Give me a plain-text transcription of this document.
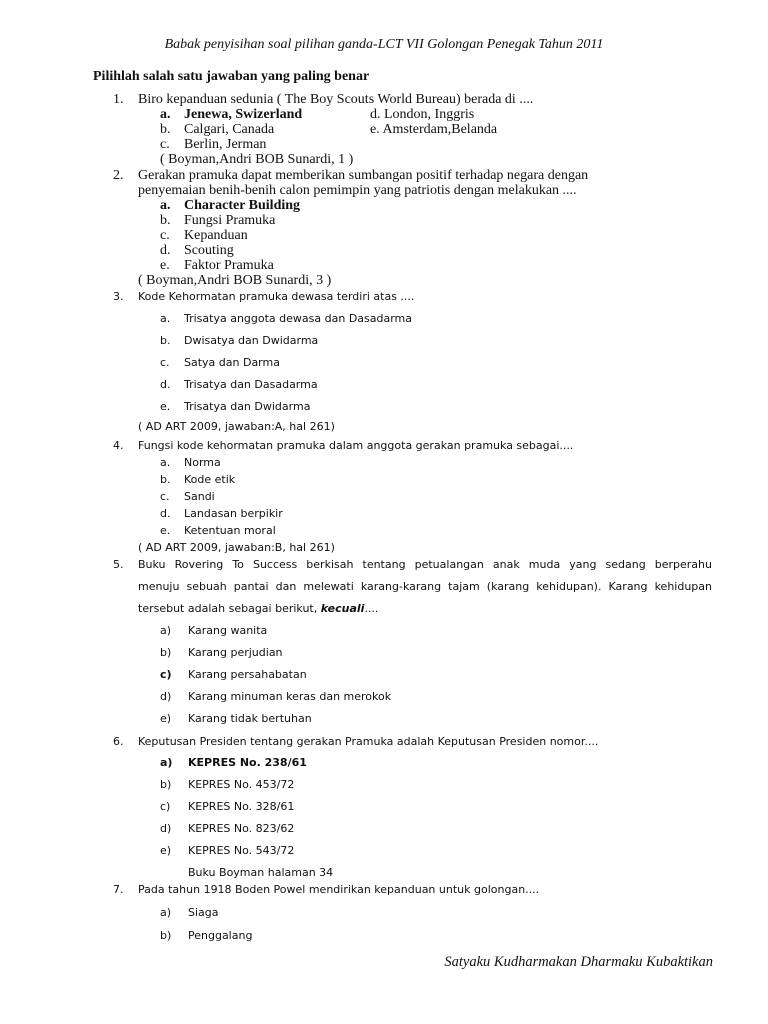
Babak penyisihan soal pilihan ganda-LCT VII Golongan Penegak Tahun 2011
Pilihlah salah satu jawaban yang paling benar
1. Biro kepanduan sedunia ( The Boy Scouts World Bureau) berada di ....
a. Jenewa, Swizerland	d. London, Inggris
b. Calgari, Canada	e. Amsterdam,Belanda
c. Berlin, Jerman
( Boyman,Andri BOB Sunardi, 1 )
2. Gerakan pramuka dapat memberikan sumbangan positif terhadap negara dengan
penyemaian benih-benih calon pemimpin yang patriotis dengan melakukan ....
a. Character Building
b. Fungsi Pramuka
c. Kepanduan
d. Scouting
e. Faktor Pramuka
( Boyman,Andri BOB Sunardi, 3 )
3. Kode Kehormatan pramuka dewasa terdiri atas ....
a. Trisatya anggota dewasa dan Dasadarma
b. Dwisatya dan Dwidarma
c. Satya dan Darma
d. Trisatya dan Dasadarma
e. Trisatya dan Dwidarma
( AD ART 2009, jawaban:A, hal 261)
4. Fungsi kode kehormatan pramuka dalam anggota gerakan pramuka sebagai....
a. Norma
b. Kode etik
c. Sandi
d. Landasan berpikir
e. Ketentuan moral
( AD ART 2009, jawaban:B, hal 261)
5. Buku Rovering To Success berkisah tentang petualangan anak muda yang sedang berperahu
menuju sebuah pantai dan melewati karang-karang tajam (karang kehidupan). Karang kehidupan
tersebut adalah sebagai berikut, kecuali....
a) Karang wanita
b) Karang perjudian
c) Karang persahabatan
d) Karang minuman keras dan merokok
e) Karang tidak bertuhan
6. Keputusan Presiden tentang gerakan Pramuka adalah Keputusan Presiden nomor....
a) KEPRES No. 238/61
b) KEPRES No. 453/72
c) KEPRES No. 328/61
d) KEPRES No. 823/62
e) KEPRES No. 543/72
Buku Boyman halaman 34
7. Pada tahun 1918 Boden Powel mendirikan kepanduan untuk golongan....
a) Siaga
b) Penggalang
Satyaku Kudharmakan Dharmaku Kubaktikan
